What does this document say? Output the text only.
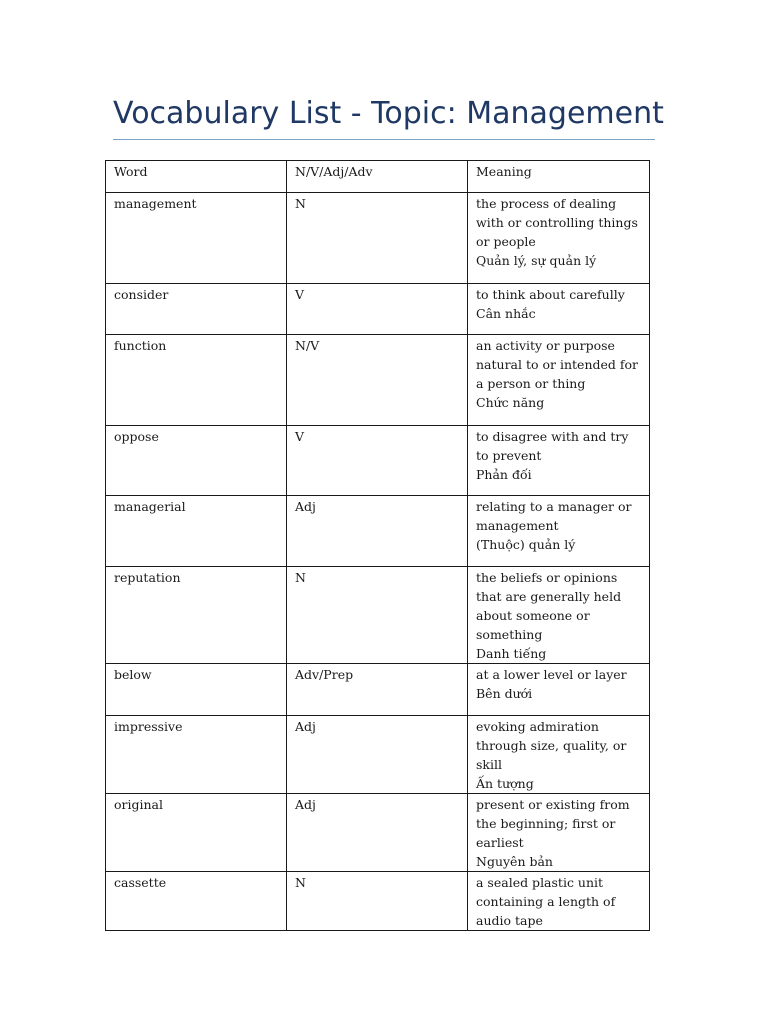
Vocabulary List - Topic: Management
Word	N/V/Adj/Adv	Meaning
management	N	the process of dealing with or controlling things or people
Quản lý, sự quản lý

consider	V	to think about carefully
Cân nhắc

function	N/V	an activity or purpose natural to or intended for a person or thing
Chức năng

oppose	V	to disagree with and try to prevent
Phản đối

managerial	Adj	relating to a manager or management
(Thuộc) quản lý

reputation	N	the beliefs or opinions that are generally held about someone or something
Danh tiếng

below	Adv/Prep	at a lower level or layer
Bên dưới

impressive	Adj	evoking admiration through size, quality, or skill
Ấn tượng

original	Adj	present or existing from the beginning; first or earliest
Nguyên bản

cassette	N	a sealed plastic unit containing a length of audio tape
